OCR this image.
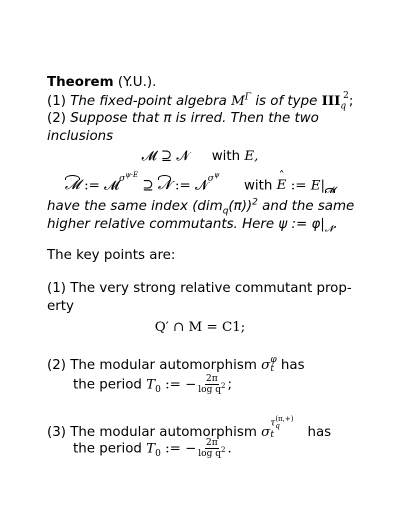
Theorem (Y.U.).
(1) The fixed-point algebra $M^\Gamma$ is of type $III_q^2$;
(2) Suppose that π is irred. Then the two
inclusions
𝓜 ⊇ 𝓝 with E,
𝓜 := 𝓜$^{\sigma^{\psi\cdot E}}$ ⊇ 𝓝 := 𝓝$^{\sigma^\psi}$  with ˆ E := $E|_𝓜$
have the same index $(dim_q(\pi))^2$ and the same
higher relative commutants. Here ψ := $\varphi|_𝓝$.
The key points are:
(1) The very strong relative commutant prop-
erty
Q′ ∩ M = C1;
(2) The modular automorphism σ φ
t has
the period $T_0$ := − $\frac{2\pi}{\log q^2}$ ;
(3) The modular automorphism σ
τ (π,+)
q
t	has
the period $T_0$ := − $\frac{2\pi}{\log q^2}$ .
